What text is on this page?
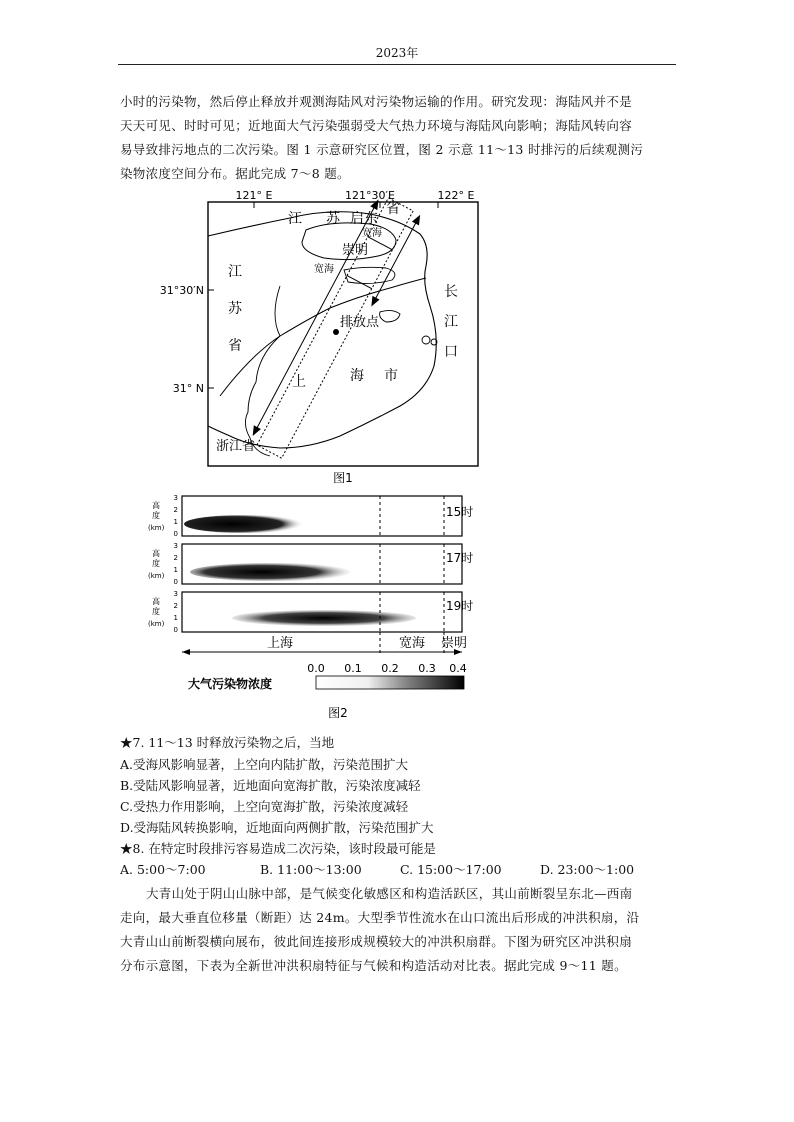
2023年

小时的污染物，然后停止释放并观测海陆风对污染物运输的作用。研究发现：海陆风并不是

天天可见、时时可见；近地面大气污染强弱受大气热力环境与海陆风向影响；海陆风转向容

易导致排污地点的二次污染。图 1 示意研究区位置，图 2 示意 11～13 时排污的后续观测污

染物浓度空间分布。据此完成 7～8 题。

121° E	121°30′E	122° E
31°30′N
31° N
江 苏 启东
省
宽海
崇明
宽海
江
苏
省
长
江
口
排放点
上	海 市
浙江省
图1
15时
3
2
1
0
高
度
(km)
17时
3
2
1
0
高
度
(km)
19时
3
2
1
0
高
度
(km)
上海	宽海 崇明
大气污染物浓度
0.0 0.1 0.2 0.3 0.4
图2
★7. 11～13 时释放污染物之后，当地
A.受海风影响显著，上空向内陆扩散，污染范围扩大
B.受陆风影响显著，近地面向宽海扩散，污染浓度减轻
C.受热力作用影响，上空向宽海扩散，污染浓度减轻
D.受海陆风转换影响，近地面向两侧扩散，污染范围扩大
★8. 在特定时段排污容易造成二次污染，该时段最可能是
A. 5:00～7:00	B. 11:00～13:00	C. 15:00～17:00	D. 23:00～1:00

大青山处于阴山山脉中部，是气候变化敏感区和构造活跃区，其山前断裂呈东北—西南

走向，最大垂直位移量（断距）达 24m。大型季节性流水在山口流出后形成的冲洪积扇，沿

大青山山前断裂横向展布，彼此间连接形成规模较大的冲洪积扇群。下图为研究区冲洪积扇

分布示意图，下表为全新世冲洪积扇特征与气候和构造活动对比表。据此完成 9～11 题。
